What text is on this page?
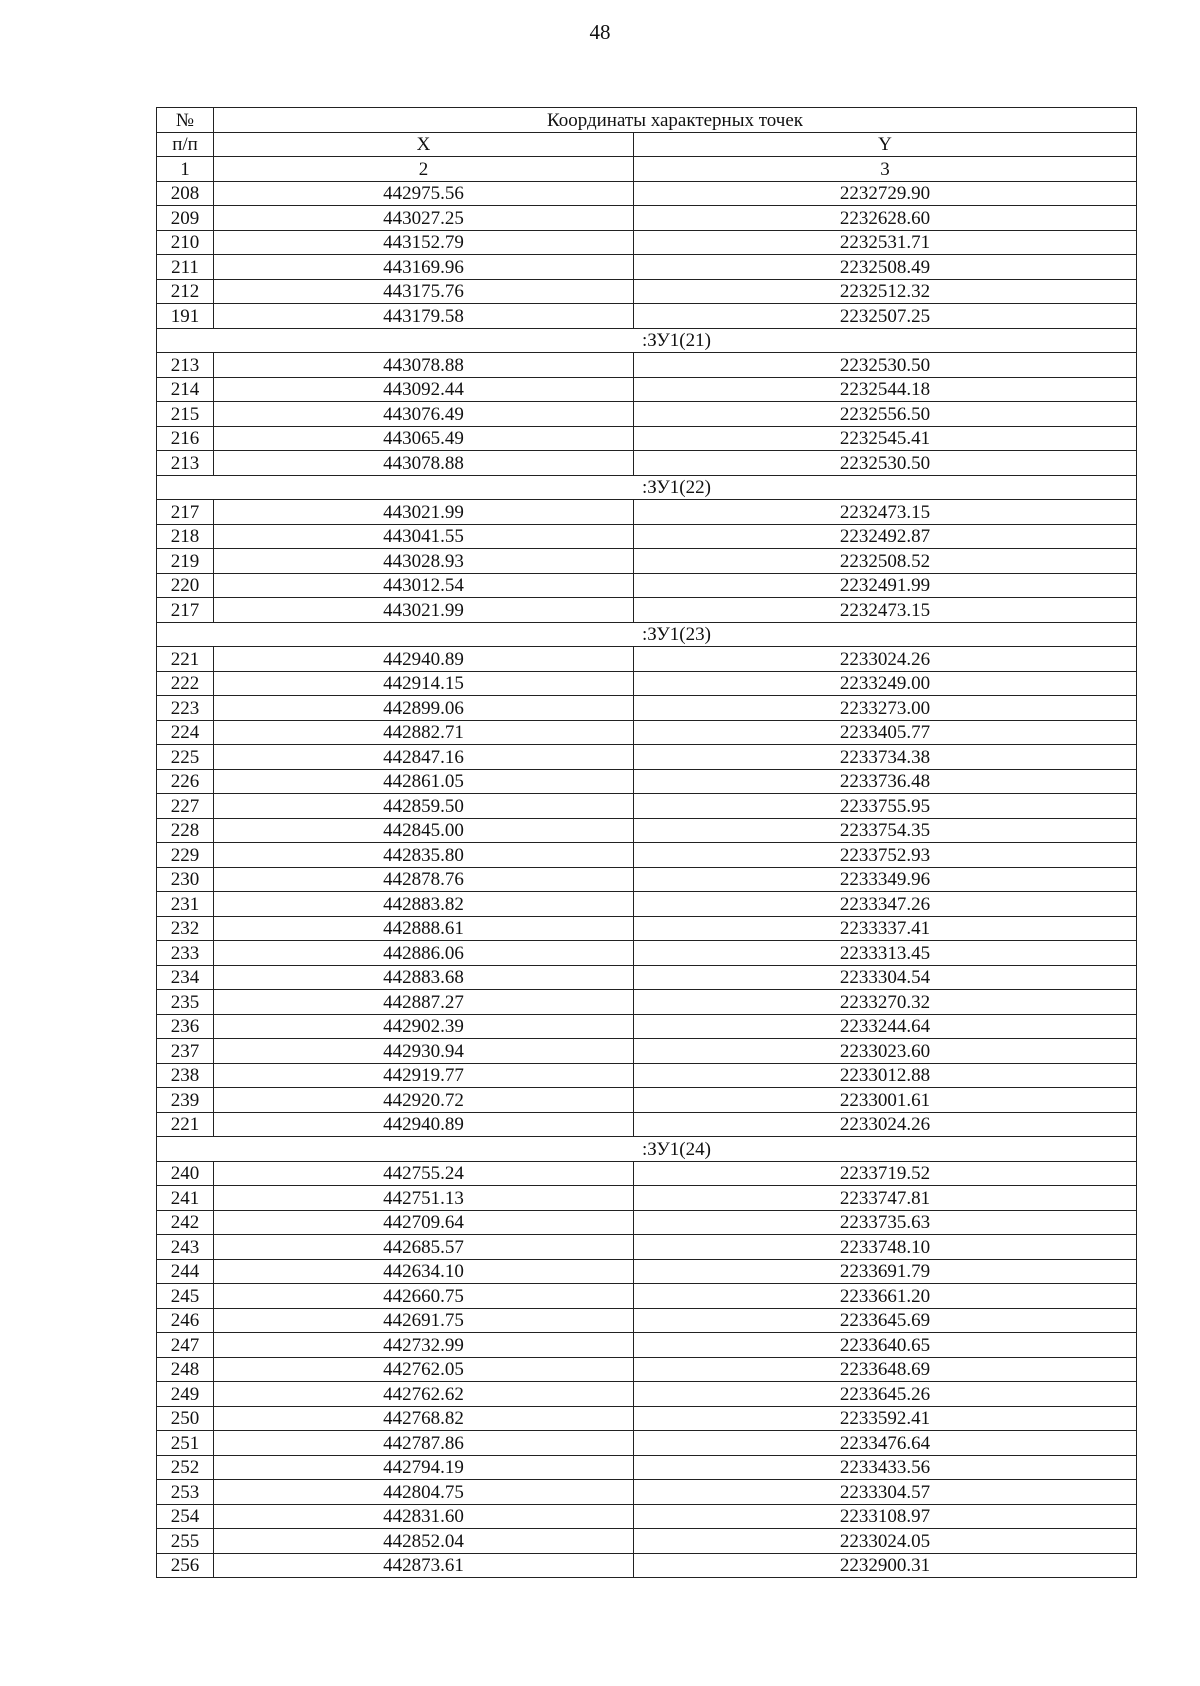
48
№	Координаты характерных точек	
п/п	X	Y
1	2	3
208	442975.56	2232729.90
209	443027.25	2232628.60
210	443152.79	2232531.71
211	443169.96	2232508.49
212	443175.76	2232512.32
191	443179.58	2232507.25
:ЗУ1(21)		
213	443078.88	2232530.50
214	443092.44	2232544.18
215	443076.49	2232556.50
216	443065.49	2232545.41
213	443078.88	2232530.50
:ЗУ1(22)		
217	443021.99	2232473.15
218	443041.55	2232492.87
219	443028.93	2232508.52
220	443012.54	2232491.99
217	443021.99	2232473.15
:ЗУ1(23)		
221	442940.89	2233024.26
222	442914.15	2233249.00
223	442899.06	2233273.00
224	442882.71	2233405.77
225	442847.16	2233734.38
226	442861.05	2233736.48
227	442859.50	2233755.95
228	442845.00	2233754.35
229	442835.80	2233752.93
230	442878.76	2233349.96
231	442883.82	2233347.26
232	442888.61	2233337.41
233	442886.06	2233313.45
234	442883.68	2233304.54
235	442887.27	2233270.32
236	442902.39	2233244.64
237	442930.94	2233023.60
238	442919.77	2233012.88
239	442920.72	2233001.61
221	442940.89	2233024.26
:ЗУ1(24)		
240	442755.24	2233719.52
241	442751.13	2233747.81
242	442709.64	2233735.63
243	442685.57	2233748.10
244	442634.10	2233691.79
245	442660.75	2233661.20
246	442691.75	2233645.69
247	442732.99	2233640.65
248	442762.05	2233648.69
249	442762.62	2233645.26
250	442768.82	2233592.41
251	442787.86	2233476.64
252	442794.19	2233433.56
253	442804.75	2233304.57
254	442831.60	2233108.97
255	442852.04	2233024.05
256	442873.61	2232900.31
